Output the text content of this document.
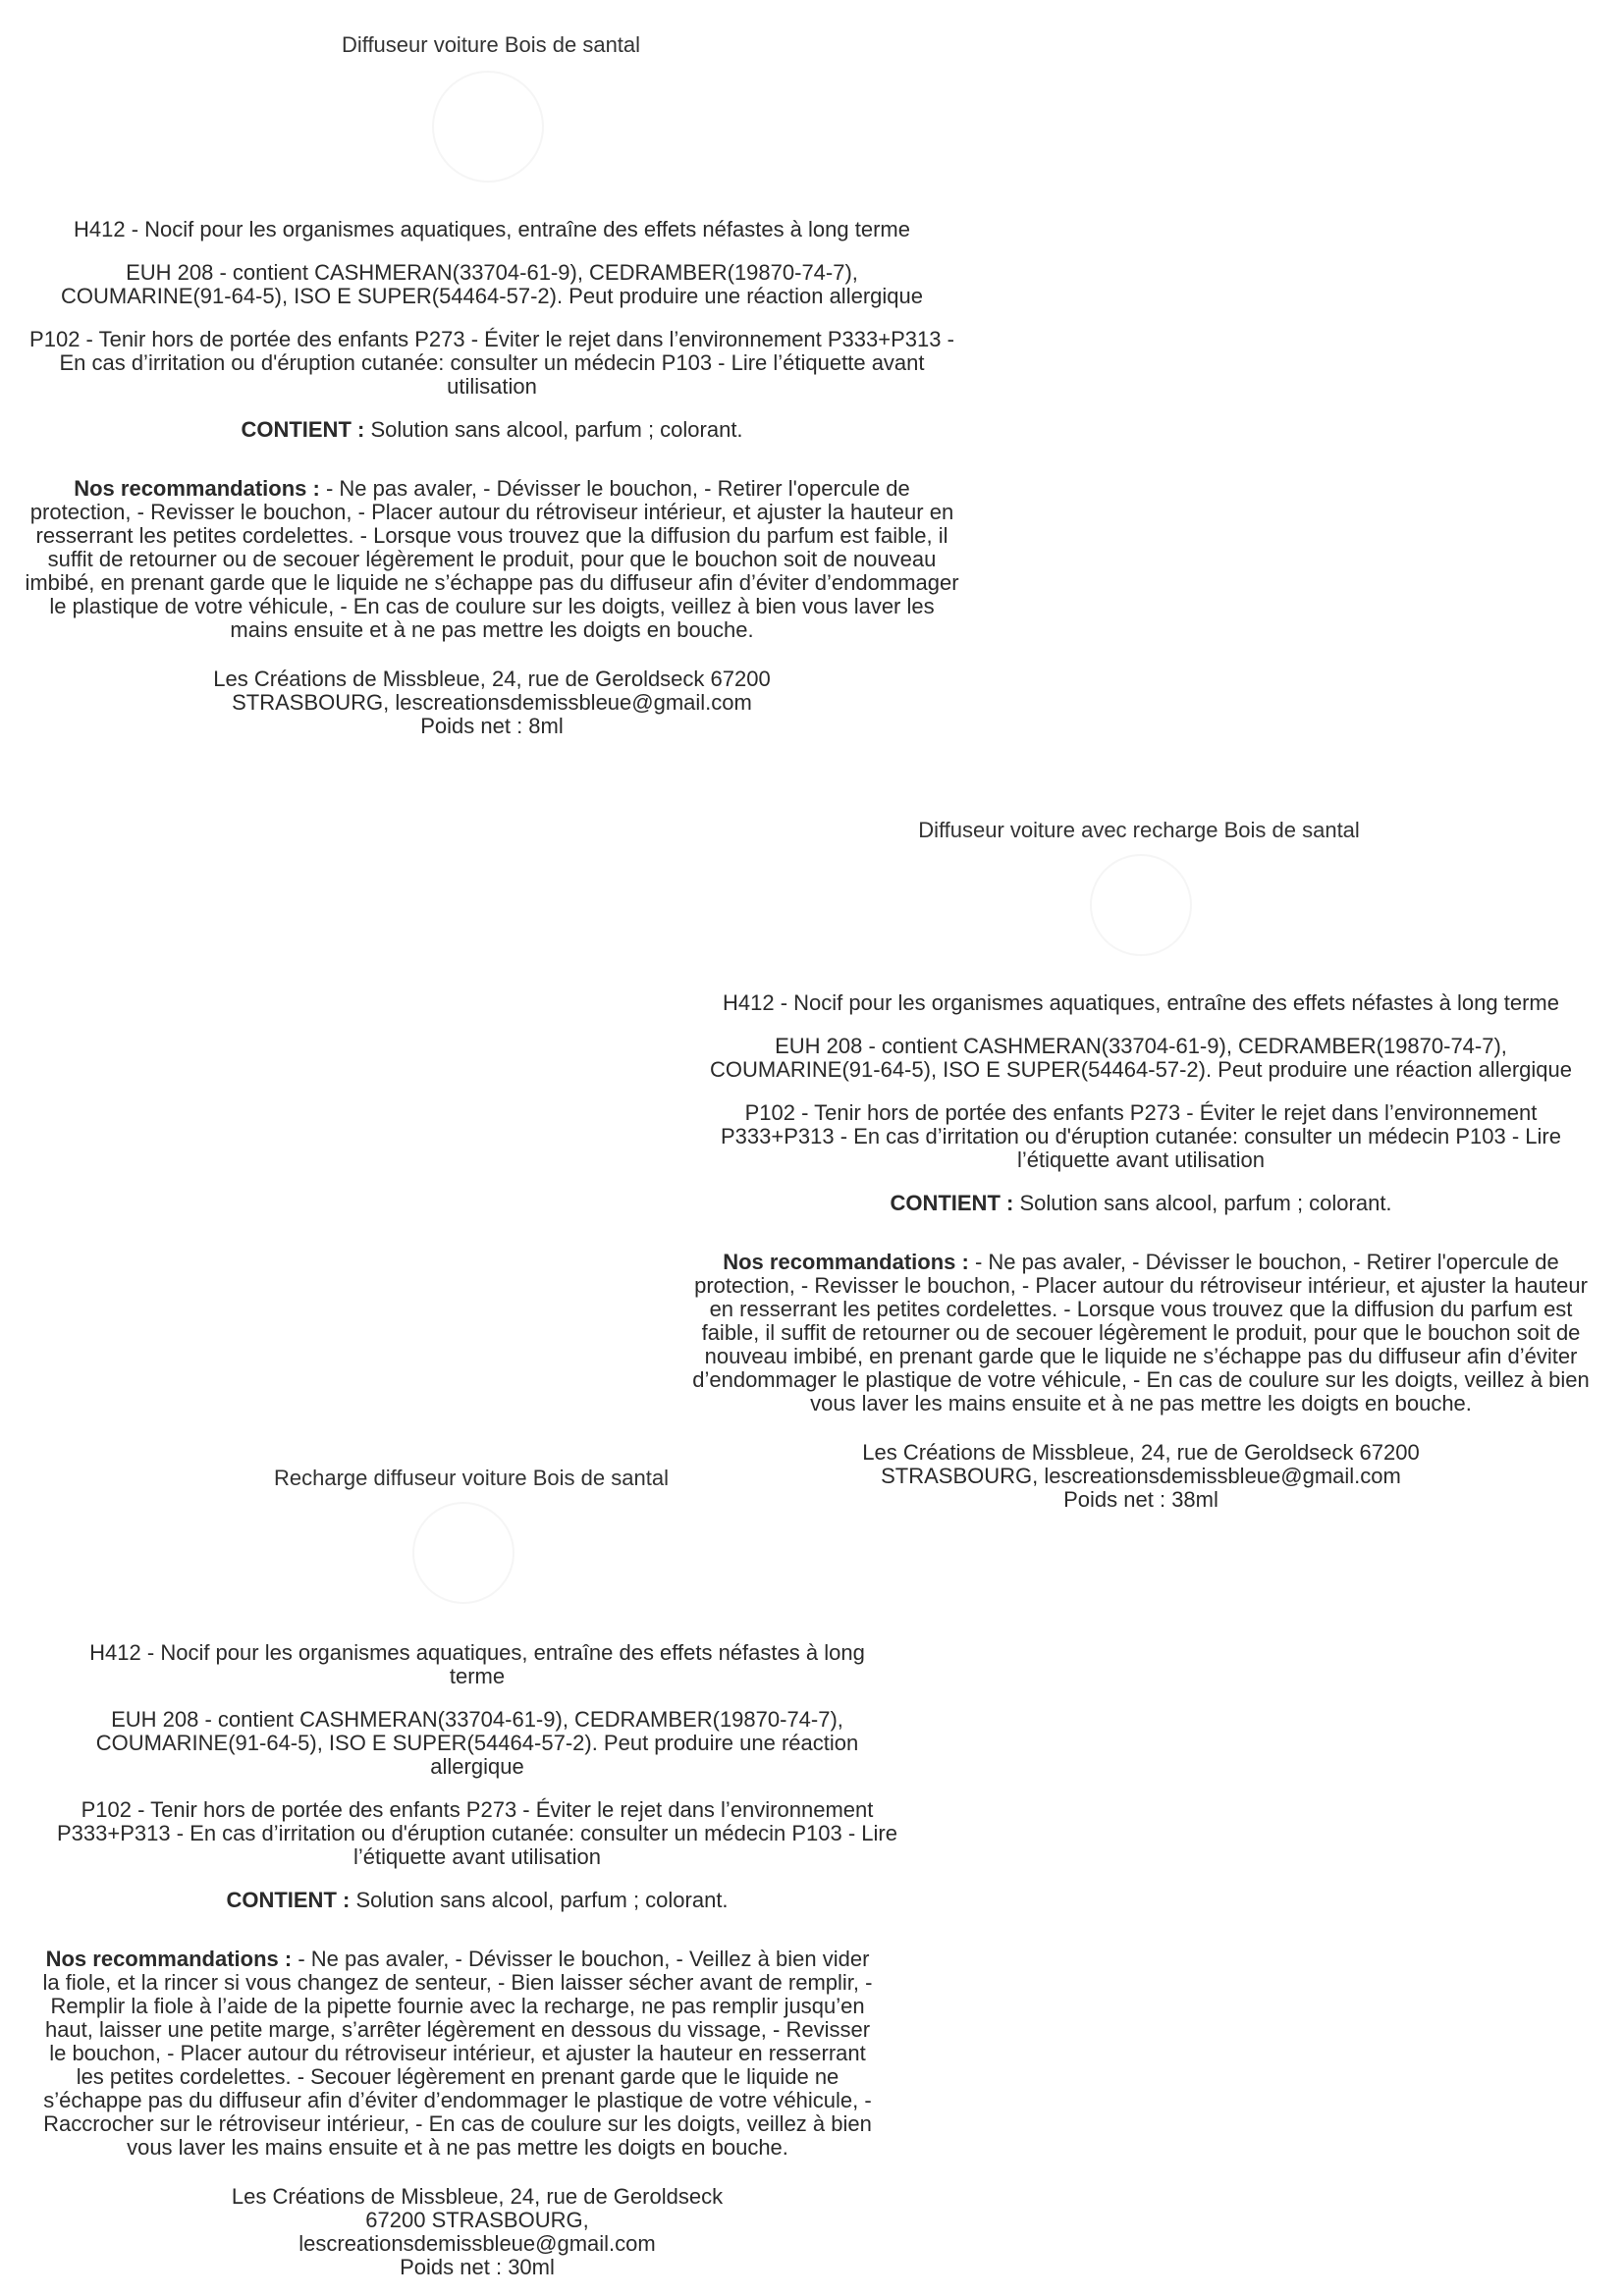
Diffuseur voiture Bois de santal

H412 - Nocif pour les organismes aquatiques, entraîne des effets néfastes à long terme

EUH 208 - contient CASHMERAN(33704-61-9), CEDRAMBER(19870-74-7), COUMARINE(91-64-5), ISO E SUPER(54464-57-2). Peut produire une réaction allergique

P102 - Tenir hors de portée des enfants P273 - Éviter le rejet dans l’environnement P333+P313 - En cas d’irritation ou d'éruption cutanée: consulter un médecin P103 - Lire l’étiquette avant utilisation

CONTIENT : Solution sans alcool, parfum ; colorant.

Nos recommandations : - Ne pas avaler, - Dévisser le bouchon, - Retirer l'opercule de protection, - Revisser le bouchon, - Placer autour du rétroviseur intérieur, et ajuster la hauteur en resserrant les petites cordelettes. - Lorsque vous trouvez que la diffusion du parfum est faible, il suffit de retourner ou de secouer légèrement le produit, pour que le bouchon soit de nouveau imbibé, en prenant garde que le liquide ne s’échappe pas du diffuseur afin d’éviter d’endommager le plastique de votre véhicule, - En cas de coulure sur les doigts, veillez à bien vous laver les mains ensuite et à ne pas mettre les doigts en bouche.

Les Créations de Missbleue, 24, rue de Geroldseck 67200 STRASBOURG, lescreationsdemissbleue@gmail.com

Poids net : 8ml

Diffuseur voiture avec recharge Bois de santal

H412 - Nocif pour les organismes aquatiques, entraîne des effets néfastes à long terme

EUH 208 - contient CASHMERAN(33704-61-9), CEDRAMBER(19870-74-7), COUMARINE(91-64-5), ISO E SUPER(54464-57-2). Peut produire une réaction allergique

P102 - Tenir hors de portée des enfants P273 - Éviter le rejet dans l’environnement P333+P313 - En cas d’irritation ou d'éruption cutanée: consulter un médecin P103 - Lire l’étiquette avant utilisation

CONTIENT : Solution sans alcool, parfum ; colorant.

Nos recommandations : - Ne pas avaler, - Dévisser le bouchon, - Retirer l'opercule de protection, - Revisser le bouchon, - Placer autour du rétroviseur intérieur, et ajuster la hauteur en resserrant les petites cordelettes. - Lorsque vous trouvez que la diffusion du parfum est faible, il suffit de retourner ou de secouer légèrement le produit, pour que le bouchon soit de nouveau imbibé, en prenant garde que le liquide ne s’échappe pas du diffuseur afin d’éviter d’endommager le plastique de votre véhicule, - En cas de coulure sur les doigts, veillez à bien vous laver les mains ensuite et à ne pas mettre les doigts en bouche.

Les Créations de Missbleue, 24, rue de Geroldseck 67200 STRASBOURG, lescreationsdemissbleue@gmail.com

Poids net : 38ml

Recharge diffuseur voiture Bois de santal

H412 - Nocif pour les organismes aquatiques, entraîne des effets néfastes à long terme

EUH 208 - contient CASHMERAN(33704-61-9), CEDRAMBER(19870-74-7), COUMARINE(91-64-5), ISO E SUPER(54464-57-2). Peut produire une réaction allergique

P102 - Tenir hors de portée des enfants P273 - Éviter le rejet dans l’environnement P333+P313 - En cas d’irritation ou d'éruption cutanée: consulter un médecin P103 - Lire l’étiquette avant utilisation

CONTIENT : Solution sans alcool, parfum ; colorant.

Nos recommandations : - Ne pas avaler, - Dévisser le bouchon, - Veillez à bien vider la fiole, et la rincer si vous changez de senteur, - Bien laisser sécher avant de remplir, - Remplir la fiole à l’aide de la pipette fournie avec la recharge, ne pas remplir jusqu’en haut, laisser une petite marge, s’arrêter légèrement en dessous du vissage, - Revisser le bouchon, - Placer autour du rétroviseur intérieur, et ajuster la hauteur en resserrant les petites cordelettes. - Secouer légèrement en prenant garde que le liquide ne s’échappe pas du diffuseur afin d’éviter d’endommager le plastique de votre véhicule, - Raccrocher sur le rétroviseur intérieur, - En cas de coulure sur les doigts, veillez à bien vous laver les mains ensuite et à ne pas mettre les doigts en bouche.

Les Créations de Missbleue, 24, rue de Geroldseck 67200 STRASBOURG, lescreationsdemissbleue@gmail.com

Poids net : 30ml
